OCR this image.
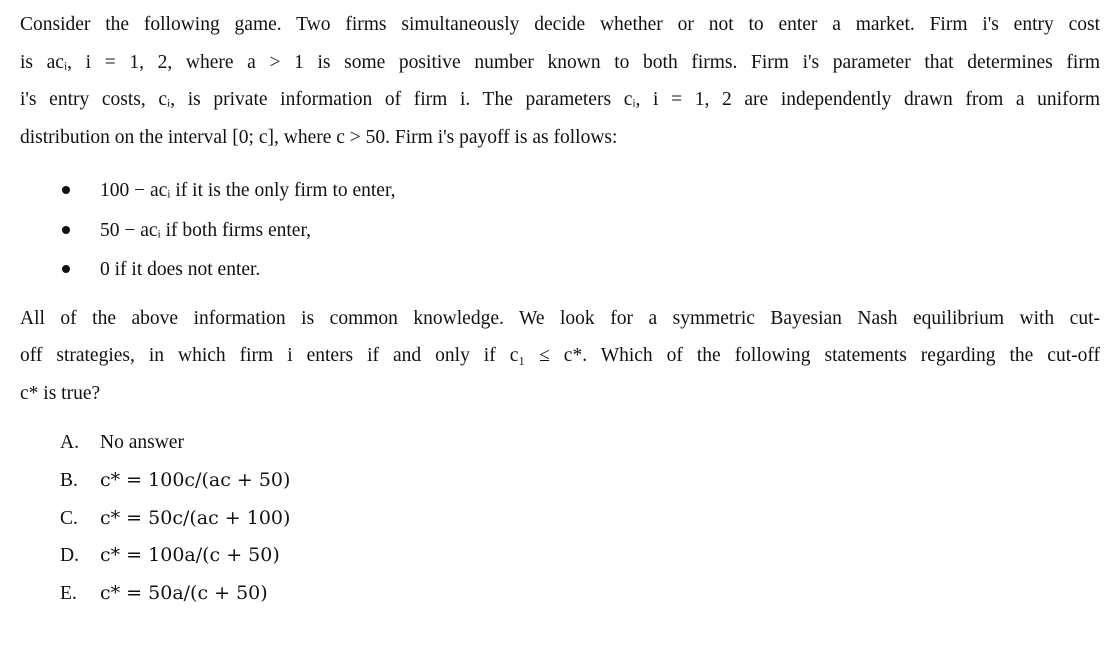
Consider the following game. Two firms simultaneously decide whether or not to enter a market. Firm i's entry cost
is acᵢ, i = 1, 2, where a > 1 is some positive number known to both firms. Firm i's parameter that determines firm
i's entry costs, cᵢ, is private information of firm i. The parameters cᵢ, i = 1, 2 are independently drawn from a uniform
distribution on the interval [0; c], where c > 50. Firm i's payoff is as follows:

100 − acᵢ if it is the only firm to enter,
50 − acᵢ if both firms enter,
0 if it does not enter.

All of the above information is common knowledge. We look for a symmetric Bayesian Nash equilibrium with cut-
off strategies, in which firm i enters if and only if c₁ ≤ c*. Which of the following statements regarding the cut-off
c* is true?

A. No answer
B. c* = 100c/(ac + 50)
C. c* = 50c/(ac + 100)
D. c* = 100a/(c + 50)
E. c* = 50a/(c + 50)
